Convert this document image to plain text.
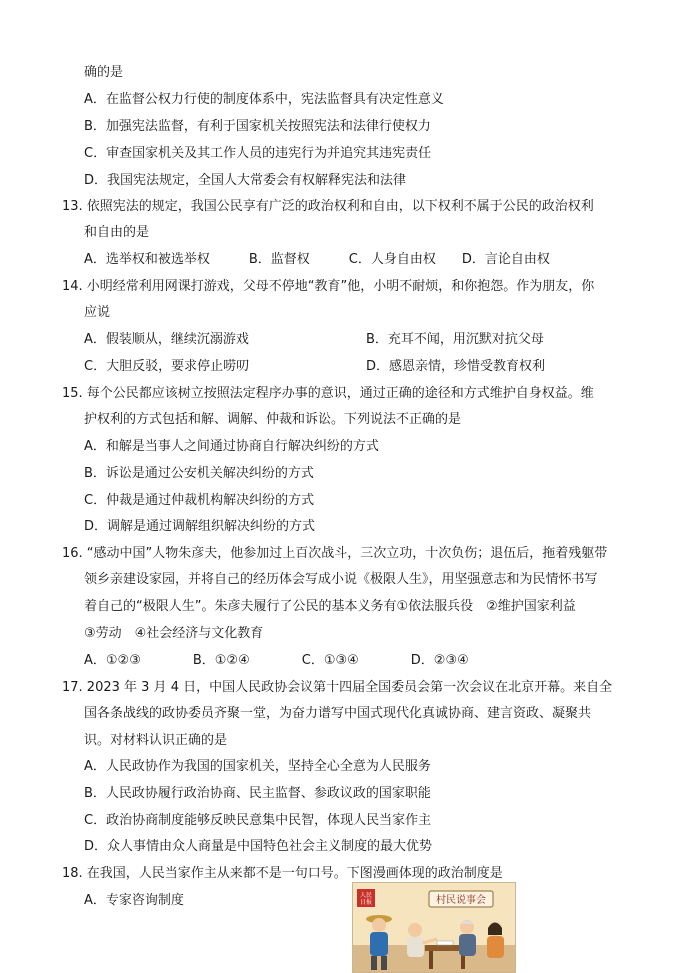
确的是
A．在监督公权力行使的制度体系中，宪法监督具有决定性意义
B．加强宪法监督，有利于国家机关按照宪法和法律行使权力
C．审查国家机关及其工作人员的违宪行为并追究其违宪责任
D．我国宪法规定，全国人大常委会有权解释宪法和法律
13. 依照宪法的规定，我国公民享有广泛的政治权利和自由，以下权利不属于公民的政治权利
和自由的是
A．选举权和被选举权　　　B．监督权　　　C．人身自由权　　D．言论自由权
14. 小明经常利用网课打游戏，父母不停地“教育”他，小明不耐烦，和你抱怨。作为朋友，你
应说
A．假装顺从，继续沉溺游戏	B．充耳不闻，用沉默对抗父母
C．大胆反驳，要求停止唠叨	D．感恩亲情，珍惜受教育权利
15. 每个公民都应该树立按照法定程序办事的意识，通过正确的途径和方式维护自身权益。维
护权利的方式包括和解、调解、仲裁和诉讼。下列说法不正确的是
A．和解是当事人之间通过协商自行解决纠纷的方式
B．诉讼是通过公安机关解决纠纷的方式
C．仲裁是通过仲裁机构解决纠纷的方式
D．调解是通过调解组织解决纠纷的方式
16. “感动中国”人物朱彦夫，他参加过上百次战斗，三次立功，十次负伤；退伍后，拖着残躯带
领乡亲建设家园，并将自己的经历体会写成小说《极限人生》，用坚强意志和为民情怀书写
着自己的“极限人生”。朱彦夫履行了公民的基本义务有①依法服兵役　②维护国家利益
③劳动　④社会经济与文化教育
A．①②③　　　　B．①②④　　　　C．①③④　　　　D．②③④
17. 2023 年 3 月 4 日，中国人民政协会议第十四届全国委员会第一次会议在北京开幕。来自全
国各条战线的政协委员齐聚一堂，为奋力谱写中国式现代化真诚协商、建言资政、凝聚共
识。对材料认识正确的是
A．人民政协作为我国的国家机关，坚持全心全意为人民服务
B．人民政协履行政治协商、民主监督、参政议政的国家职能
C．政治协商制度能够反映民意集中民智，体现人民当家作主
D．众人事情由众人商量是中国特色社会主义制度的最大优势
18. 在我国，人民当家作主从来都不是一句口号。下图漫画体现的政治制度是
A．专家咨询制度	人民
日报	村民说事会
